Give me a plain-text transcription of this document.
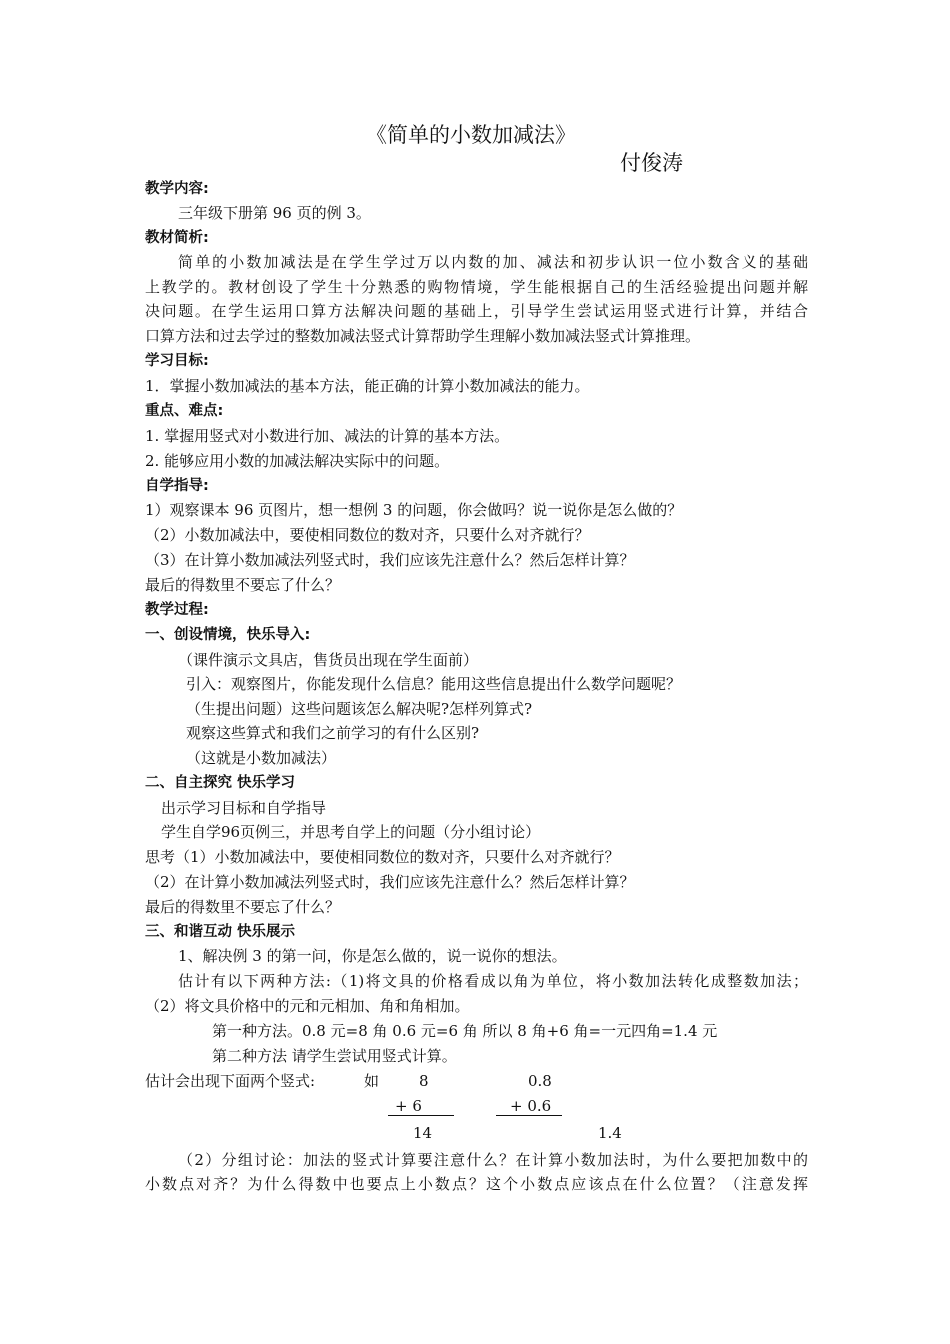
《简单的小数加减法》
付俊涛
教学内容:
三年级下册第 96 页的例 3。
教材简析:
简单的小数加减法是在学生学过万以内数的加、减法和初步认识一位小数含义的基础
上教学的。教材创设了学生十分熟悉的购物情境，学生能根据自己的生活经验提出问题并解
决问题。在学生运用口算方法解决问题的基础上，引导学生尝试运用竖式进行计算，并结合
口算方法和过去学过的整数加减法竖式计算帮助学生理解小数加减法竖式计算推理。
学习目标:
1．掌握小数加减法的基本方法，能正确的计算小数加减法的能力。
重点、难点:
1. 掌握用竖式对小数进行加、减法的计算的基本方法。
2. 能够应用小数的加减法解决实际中的问题。
自学指导:
1）观察课本 96 页图片，想一想例 3 的问题，你会做吗？说一说你是怎么做的？
（2）小数加减法中，要使相同数位的数对齐，只要什么对齐就行？
（3）在计算小数加减法列竖式时，我们应该先注意什么？然后怎样计算？
最后的得数里不要忘了什么？
教学过程:
一、创设情境，快乐导入:
（课件演示文具店，售货员出现在学生面前）
引入：观察图片，你能发现什么信息？能用这些信息提出什么数学问题呢？
（生提出问题）这些问题该怎么解决呢?怎样列算式?
观察这些算式和我们之前学习的有什么区别?
（这就是小数加减法）
二、自主探究 快乐学习
出示学习目标和自学指导
学生自学96页例三，并思考自学上的问题（分小组讨论）
思考（1）小数加减法中，要使相同数位的数对齐，只要什么对齐就行？
（2）在计算小数加减法列竖式时，我们应该先注意什么？然后怎样计算？
最后的得数里不要忘了什么？
三、和谐互动 快乐展示
1、解决例 3 的第一问，你是怎么做的，说一说你的想法。
估计有以下两种方法:（1)将文具的价格看成以角为单位，将小数加法转化成整数加法；
（2）将文具价格中的元和元相加、角和角相加。
第一种方法。0.8 元=8 角 0.6 元=6 角 所以 8 角+6 角=一元四角=1.4 元
第二种方法 请学生尝试用竖式计算。
估计会出现下面两个竖式:	如	8
+ 6
14
0.8
+ 0.6
1.4
（2）分组讨论：加法的竖式计算要注意什么？在计算小数加法时，为什么要把加数中的
小数点对齐？为什么得数中也要点上小数点？这个小数点应该点在什么位置？（注意发挥
